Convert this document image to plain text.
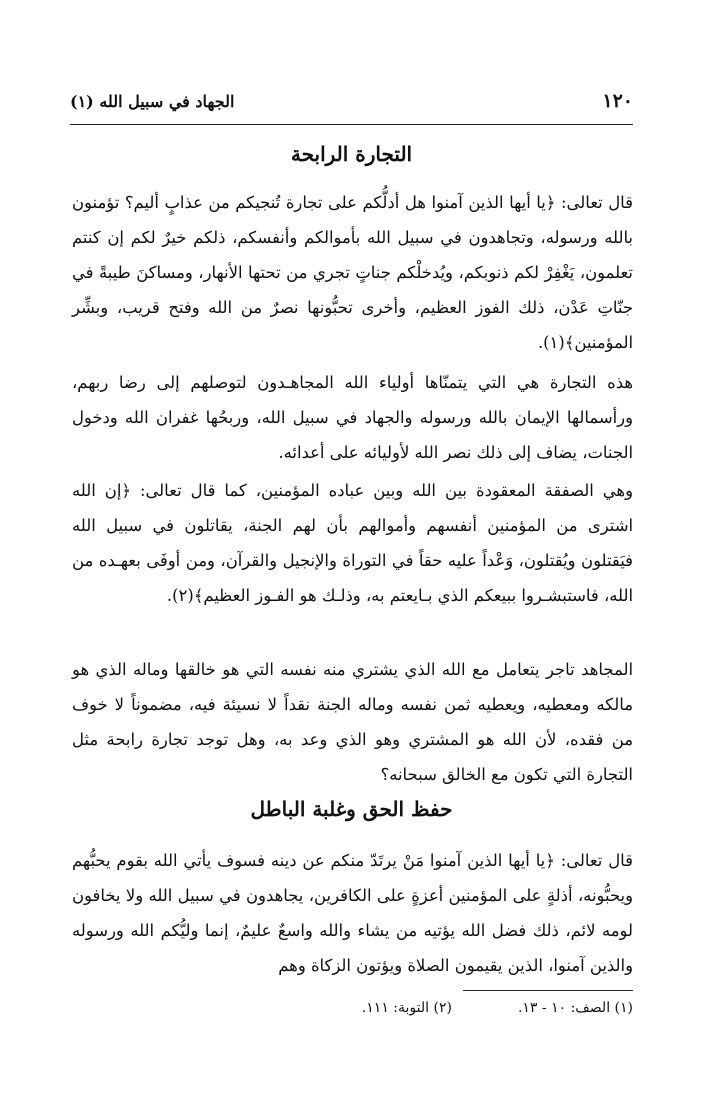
١٢٠
الجهاد في سبيل الله (١)
التجارة الرابحة

قال تعالى: ﴿يا أيها الذين آمنوا هل أدلُّكم على تجارة تُنجيكم من عذابٍ أليم؟ تؤمنون بالله ورسوله، وتجاهدون في سبيل الله بأموالكم وأنفسكم، ذلكم خيرٌ لكم إن كنتم تعلمون، يَغْفِرْ لكم ذنوبكم، ويُدخلْكم جناتٍ تجري من تحتها الأنهار، ومساكنَ طيبةً في جنّاتِ عَدْن، ذلك الفوز العظيم، وأخرى تحبُّونها نصرٌ من الله وفتح قريب، وبشِّر المؤمنين﴾(١).

هذه التجارة هي التي يتمنّاها أولياء الله المجاهـدون لتوصلهم إلى رضا ربهم، ورأسمالها الإيمان بالله ورسوله والجهاد في سبيل الله، وربحُها غفران الله ودخول الجنات، يضاف إلى ذلك نصر الله لأوليائه على أعدائه.

وهي الصفقة المعقودة بين الله وبين عباده المؤمنين، كما قال تعالى: ﴿إن الله اشترى من المؤمنين أنفسهم وأموالهم بأن لهم الجنة، يقاتلون في سبيل الله فيَقتلون ويُقتلون، وَعْداً عليه حقاً في التوراة والإنجيل والقرآن، ومن أوفَى بعهـده من الله، فاستبشـروا ببيعكم الذي بـايعتم به، وذلـك هو الفـوز العظيم﴾(٢).

المجاهد تاجر يتعامل مع الله الذي يشتري منه نفسه التي هو خالقها وماله الذي هو مالكه ومعطيه، ويعطيه ثمن نفسه وماله الجنة نقداً لا نسيئة فيه، مضموناً لا خوف من فقده، لأن الله هو المشتري وهو الذي وعد به، وهل توجد تجارة رابحة مثل التجارة التي تكون مع الخالق سبحانه؟

حفظ الحق وغلبة الباطل

قال تعالى: ﴿يا أيها الذين آمنوا مَنْ يرتَدّ منكم عن دينه فسوف يأتي الله بقوم يحبُّهم ويحبُّونه، أذلةٍ على المؤمنين أعزةٍ على الكافرين، يجاهدون في سبيل الله ولا يخافون لومه لائم، ذلك فضل الله يؤتيه من يشاء والله واسعٌ عليمٌ، إنما وليُّكم الله ورسوله والذين آمنوا، الذين يقيمون الصلاة ويؤتون الزكاة وهم

(١) الصف: ١٠ - ١٣.
(٢) التوبة: ١١١.
